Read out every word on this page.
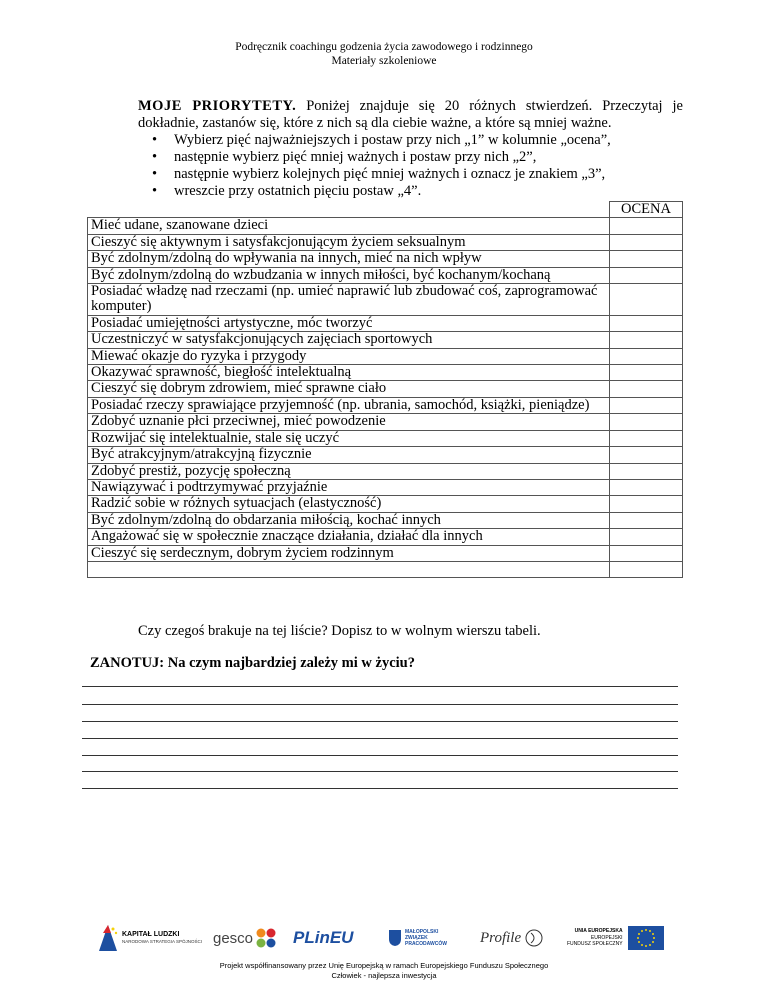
Podręcznik coachingu godzenia życia zawodowego i rodzinnego
Materiały szkoleniowe

MOJE PRIORYTETY. Poniżej znajduje się 20 różnych stwierdzeń. Przeczytaj je dokładnie, zastanów się, które z nich są dla ciebie ważne, a które są mniej ważne.

• Wybierz pięć najważniejszych i postaw przy nich „1” w kolumnie „ocena”,
• następnie wybierz pięć mniej ważnych i postaw przy nich „2”,
• następnie wybierz kolejnych pięć mniej ważnych i oznacz je znakiem „3”,
• wreszcie przy ostatnich pięciu postaw „4”.
	OCENA
Mieć udane, szanowane dzieci	
Cieszyć się aktywnym i satysfakcjonującym życiem seksualnym	
Być zdolnym/zdolną do wpływania na innych, mieć na nich wpływ	
Być zdolnym/zdolną do wzbudzania w innych miłości, być kochanym/kochaną	
Posiadać władzę nad rzeczami (np. umieć naprawić lub zbudować coś, zaprogramować komputer)	
Posiadać umiejętności artystyczne, móc tworzyć	
Uczestniczyć w satysfakcjonujących zajęciach sportowych	
Miewać okazje do ryzyka i przygody	
Okazywać sprawność, biegłość intelektualną	
Cieszyć się dobrym zdrowiem, mieć sprawne ciało	
Posiadać rzeczy sprawiające przyjemność (np. ubrania, samochód, książki, pieniądze)	
Zdobyć uznanie płci przeciwnej, mieć powodzenie	
Rozwijać się intelektualnie, stale się uczyć	
Być atrakcyjnym/atrakcyjną fizycznie	
Zdobyć prestiż, pozycję społeczną	
Nawiązywać i podtrzymywać przyjaźnie	
Radzić sobie w różnych sytuacjach (elastyczność)	
Być zdolnym/zdolną do obdarzania miłością, kochać innych	
Angażować się w społecznie znaczące działania, działać dla innych	
Cieszyć się serdecznym, dobrym życiem rodzinnym	

Czy czegoś brakuje na tej liście? Dopisz to w wolnym wierszu tabeli.
ZANOTUJ: Na czym najbardziej zależy mi w życiu?
KAPITAŁ LUDZKI
NARODOWA STRATEGIA SPÓJNOŚCI gesco PLinEU	MAŁOPOLSKI
ZWIĄZEK
PRACODAWCÓW Profile	UNIA EUROPEJSKA
EUROPEJSKI
FUNDUSZ SPOŁECZNY
Projekt współfinansowany przez Unię Europejską w ramach Europejskiego Funduszu Społecznego
Człowiek - najlepsza inwestycja
